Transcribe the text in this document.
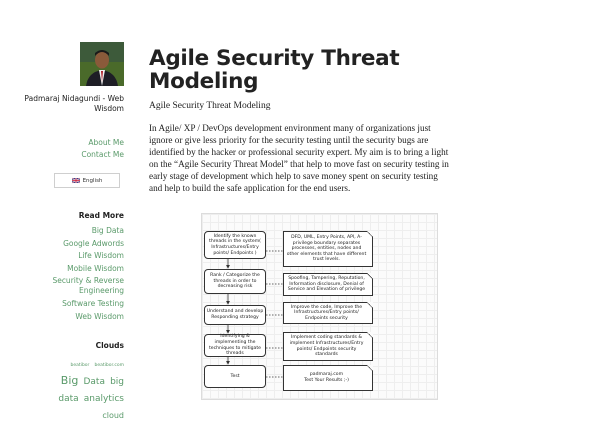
Padmaraj Nidagundi - Web Wisdom
About Me
Contact Me
English
Read More
Big Data
Google Adwords
Life Wisdom
Mobile Wisdom
Security & Reverse Engineering
Software Testing
Web Wisdom
Clouds
beatibor beatibor.com Big Data big data analytics cloud
Agile Security Threat Modeling
Agile Security Threat Modeling

In Agile/ XP / DevOps development environment many of organizations just ignore or give less priority for the security testing until the security bugs are identified by the hacker or professional security expert. My aim is to bring a light on the “Agile Security Threat Model” that help to move fast on security testing in early stage of development which help to save money spent on security testing and help to build the safe application for the end users.

Identify the known threads in the system( Infrastructures/Entry points/ Endpoints )
Rank / Categorize the threads in order to decreasing risk
Understand and develop Responding strategy
Identifying & implementing the techniques to mitigate threads
Test
DFD, UML, Entry Points, API, A-privilege boundary separates processes, entities, nodes and other elements that have different trust levels.
Spoofing, Tampering, Reputation, Information disclosure, Denial of Service and Elevation of privilege
Improve the code, Improve the Infrastructures/Entry points/ Endpoints security
Implement coding standards & implement Infrastructures/Entry points/ Endpoints security standards
padmaraj.com
Test Your Results ;-)
